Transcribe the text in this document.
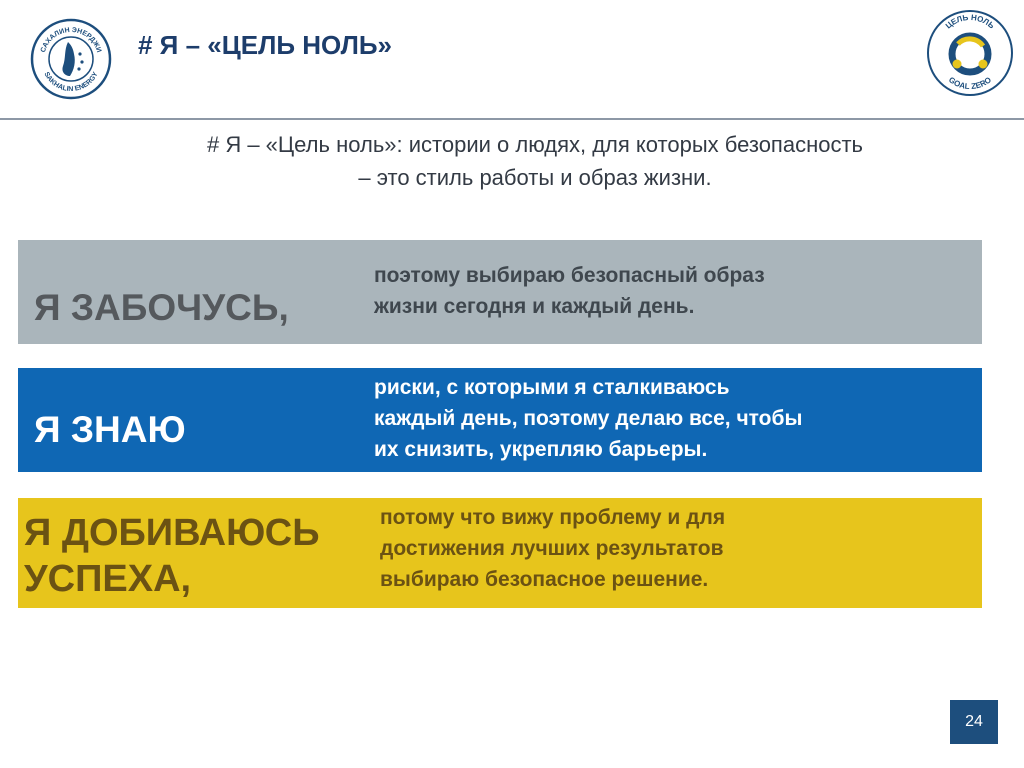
САХАЛИН ЭНЕРДЖИ
SAKHALIN ENERGY
# Я – «ЦЕЛЬ НОЛЬ»
ЦЕЛЬ НОЛЬ
GOAL ZERO
# Я – «Цель ноль»: истории о людях, для которых безопасность
– это стиль работы и образ жизни.
Я ЗАБОЧУСЬ,
поэтому выбираю безопасный образ
жизни сегодня и каждый день.
Я ЗНАЮ
риски, с которыми я сталкиваюсь
каждый день, поэтому делаю все, чтобы
их снизить, укрепляю барьеры.
Я ДОБИВАЮСЬ
УСПЕХА,
потому что вижу проблему и для
достижения лучших результатов
выбираю безопасное решение.
24
